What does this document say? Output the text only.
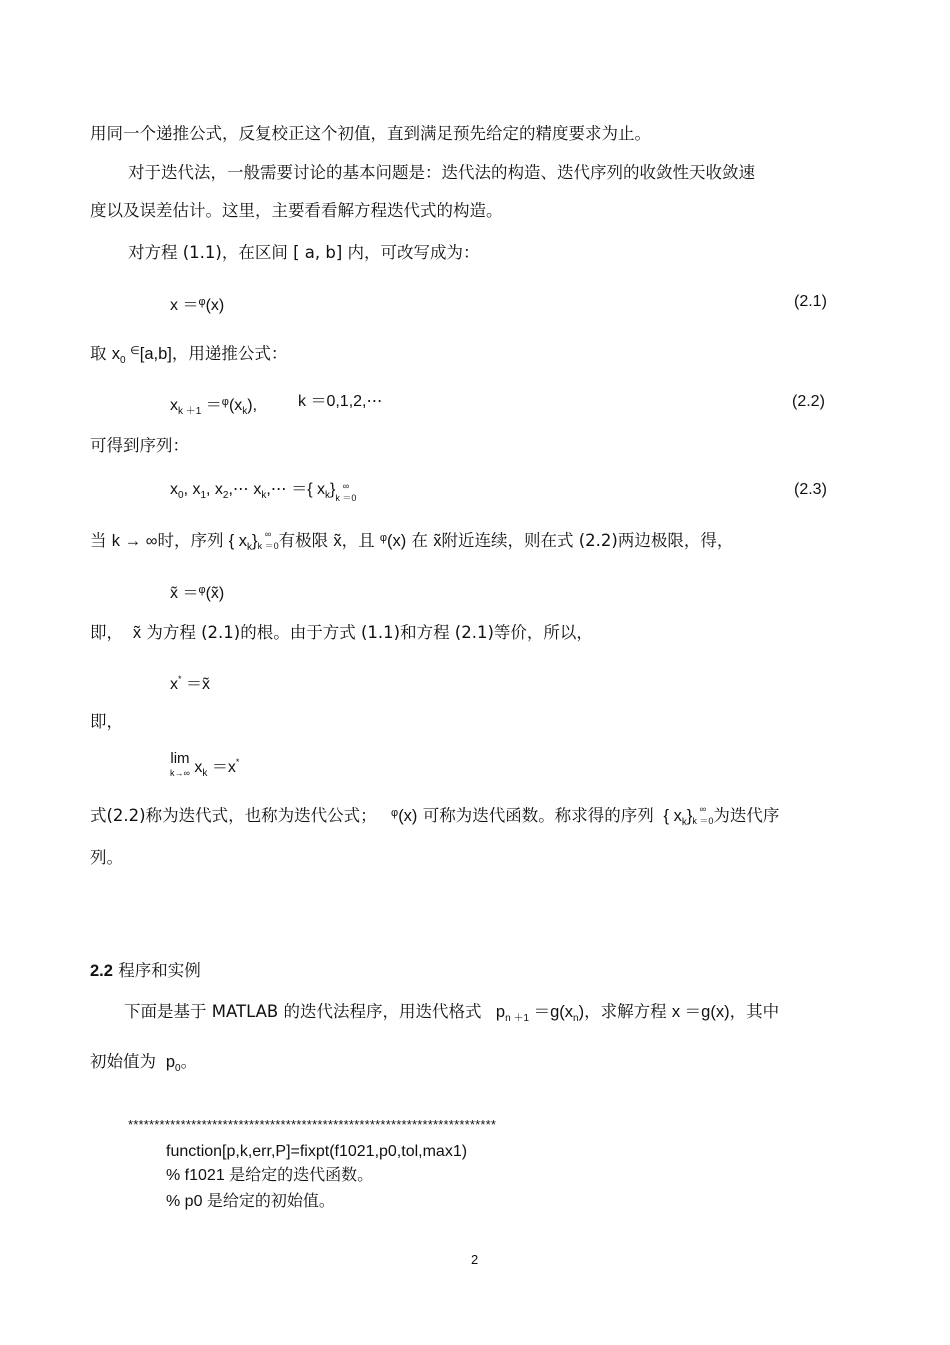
用同一个递推公式，反复校正这个初值，直到满足预先给定的精度要求为止。
对于迭代法，一般需要讨论的基本问题是：迭代法的构造、迭代序列的收敛性天收敛速
度以及误差估计。这里，主要看看解方程迭代式的构造。
对方程 (1.1)，在区间 [ a, b] 内，可改写成为：
x ＝$^\varphi$(x)	(2.1)
取 $x_0$ ∈[a,b]，用递推公式：
$x_{k +1} =^\varphi(x_k)$,	k ＝0,1,2,⋯	(2.2)
可得到序列：
$x_0$, $x_1$, $x_2,\cdots$ $x_k,\cdots$ ＝{ $x_k$} ∞
k ＝0	(2.3)
当 k → ∞时，序列 { $x_k$} ∞
k ＝0 有极限 x̃，且 $^\varphi$(x) 在 x̃附近连续，则在式 (2.2)两边极限，得，
x̃ ＝$^\varphi$(x̃)
即，  x̃ 为方程 (2.1)的根。由于方式 (1.1)和方程 (2.1)等价，所以，
x* ＝x̃
即，
lim
k→∞ $x_k =x^*$
式(2.2)称为迭代式，也称为迭代公式； $^\varphi$(x) 可称为迭代函数。称求得的序列  { $x_k$} ∞
k ＝0 为迭代序
列。
2.2 程序和实例
下面是基于 MATLAB 的迭代法程序，用迭代格式   $p_{n +1} =g(x_n)$，求解方程 x ＝g(x)，其中
初始值为  $p_0$。
**********************************************************************
function[p,k,err,P]=fixpt(f1021,p0,tol,max1)
% f1021 是给定的迭代函数。
% p0 是给定的初始值。
2
